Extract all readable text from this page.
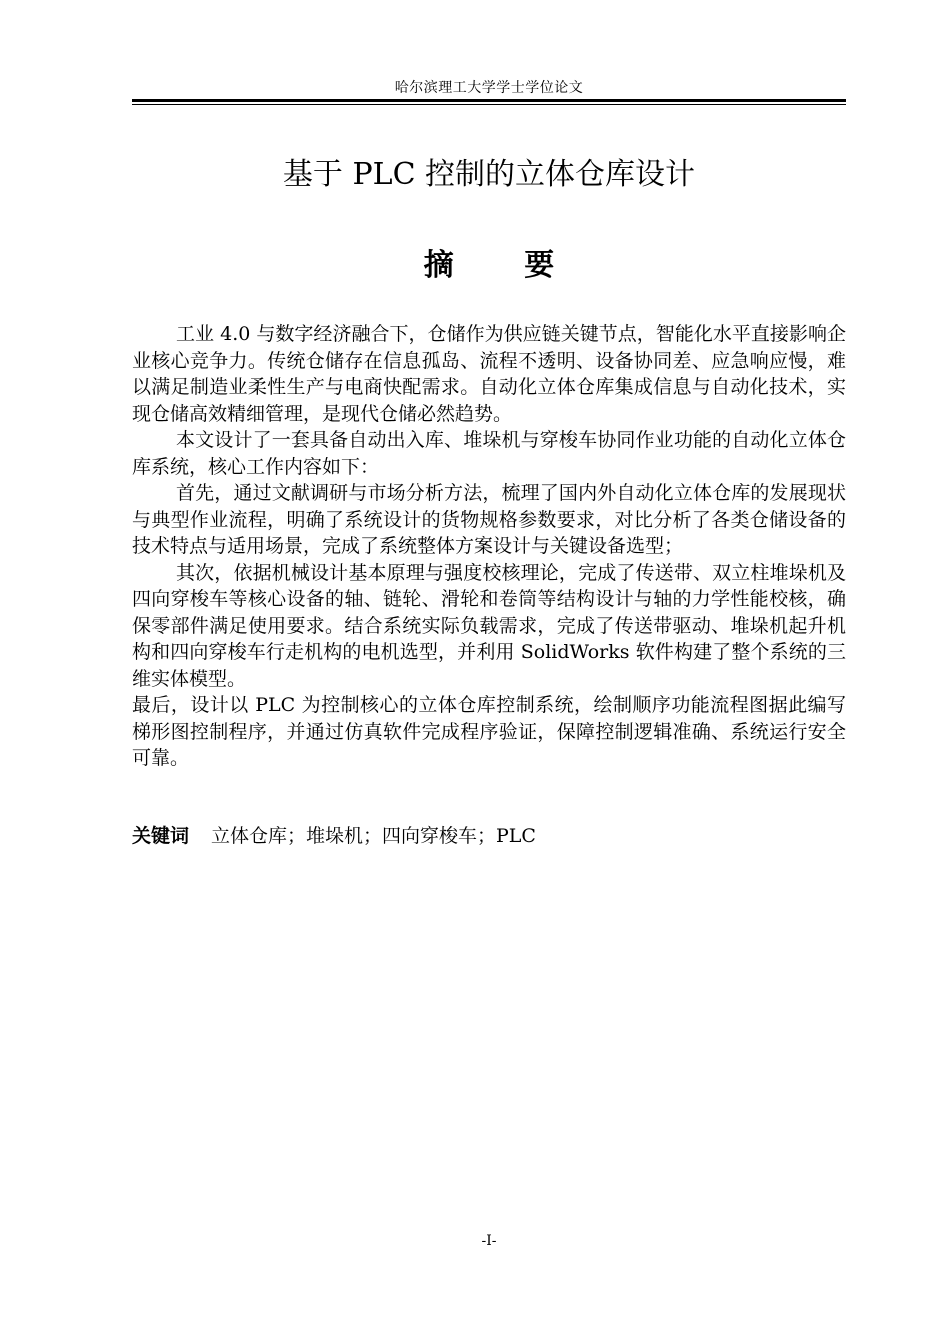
哈尔滨理工大学学士学位论文
基于 PLC 控制的立体仓库设计
摘 要

工业 4.0 与数字经济融合下，仓储作为供应链关键节点，智能化水平直接影响企业核心竞争力。传统仓储存在信息孤岛、流程不透明、设备协同差、应急响应慢，难以满足制造业柔性生产与电商快配需求。自动化立体仓库集成信息与自动化技术，实现仓储高效精细管理，是现代仓储必然趋势。

本文设计了一套具备自动出入库、堆垛机与穿梭车协同作业功能的自动化立体仓库系统，核心工作内容如下：

首先，通过文献调研与市场分析方法，梳理了国内外自动化立体仓库的发展现状与典型作业流程，明确了系统设计的货物规格参数要求，对比分析了各类仓储设备的技术特点与适用场景，完成了系统整体方案设计与关键设备选型；

其次，依据机械设计基本原理与强度校核理论，完成了传送带、双立柱堆垛机及四向穿梭车等核心设备的轴、链轮、滑轮和卷筒等结构设计与轴的力学性能校核，确保零部件满足使用要求。结合系统实际负载需求，完成了传送带驱动、堆垛机起升机构和四向穿梭车行走机构的电机选型，并利用 SolidWorks 软件构建了整个系统的三维实体模型。

最后，设计以 PLC 为控制核心的立体仓库控制系统，绘制顺序功能流程图据此编写梯形图控制程序，并通过仿真软件完成程序验证，保障控制逻辑准确、系统运行安全可靠。

关键词 立体仓库；堆垛机；四向穿梭车；PLC
-I-
